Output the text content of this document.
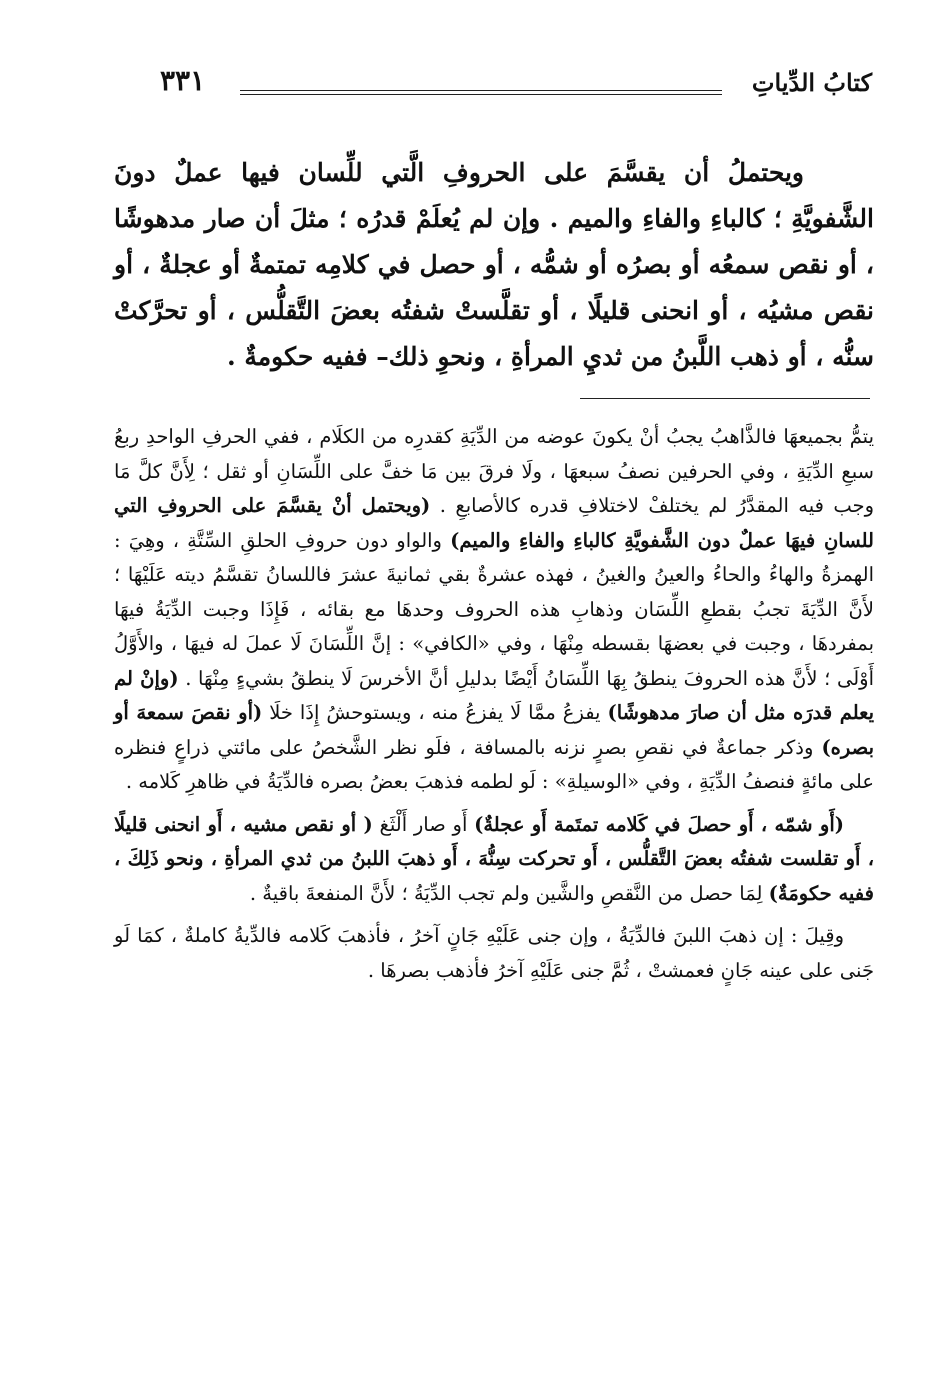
كتابُ الدِّياتِ
٣٣١

ويحتملُ أن يقسَّمَ على الحروفِ الَّتي للِّسان فيها عملٌ دونَ الشَّفويَّةِ ؛ كالباءِ والفاءِ والميم . وإن لم يُعلَمْ قدرُه ؛ مثلَ أن صار مدهوشًا ، أو نقص سمعُه أو بصرُه أو شمُّه ، أو حصل في كلامِه تمتمةٌ أو عجلةٌ ، أو نقص مشيُه ، أو انحنى قليلًا ، أو تقلَّستْ شفتُه بعضَ التَّقلُّس ، أو تحرَّكتْ سنُّه ، أو ذهب اللَّبنُ من ثديِ المرأةِ ، ونحوِ ذلك– ففيه حكومةٌ .

يتمُّ بجميعهَا فالذَّاهبُ يجبُ أنْ يكونَ عوضه من الدِّيَةِ كقدرِه من الكلَام ، ففي الحرفِ الواحدِ ربعُ سبعِ الدِّيَةِ ، وفي الحرفين نصفُ سبعهَا ، ولَا فرقَ بين مَا خفَّ على اللِّسَانِ أو ثقل ؛ لِأَنَّ كلَّ مَا وجب فيه المقدَّرُ لم يختلفْ لاختلافِ قدره كالأصابعِ . (ويحتمل أنْ يقسَّمَ على الحروفِ التي للسانِ فيهَا عملٌ دون الشَّفويَّةِ كالباءِ والفاءِ والميم) والواو دون حروفِ الحلقِ السِّتَّةِ ، وهِيَ : الهمزةُ والهاءُ والحاءُ والعينُ والغينُ ، فهذه عشرةٌ بقي ثمانيةَ عشرَ فاللسانُ تقسَّمُ ديته عَلَيْهَا ؛ لأَنَّ الدِّيَةَ تجبُ بقطعِ اللِّسَان وذهابِ هذه الحروف وحدهَا مع بقائه ، فَإِذَا وجبت الدِّيَةُ فيهَا بمفردهَا ، وجبت في بعضهَا بقسطه مِنْهَا ، وفي «الكافي» : إنَّ اللِّسَانَ لَا عملَ له فيهَا ، والأَوَّلُ أَوْلَى ؛ لأَنَّ هذه الحروفَ ينطقُ بِهَا اللِّسَانُ أَيْضًا بدليلِ أنَّ الأخرسَ لَا ينطقُ بشيءٍ مِنْهَا . (وإنْ لم يعلم قدرَه مثل أن صارَ مدهوشًا) يفزعُ ممَّا لَا يفزعُ منه ، ويستوحشُ إِذَا خلَا (أو نقصَ سمعهَ أو بصره) وذكر جماعةٌ في نقصِ بصرٍ نزنه بالمسافة ، فلَو نظر الشَّخصُ على مائتي ذراعٍ فنظره على مائةٍ فنصفُ الدِّيَةِ ، وفي «الوسيلةِ» : لَو لطمه فذهبَ بعضُ بصره فالدِّيَةُ في ظاهرِ كَلامه .

(أَو شمّه ، أَو حصلَ في كَلامه تمتَمة أَو عجلةٌ) أَو صار أَلْثَغ ( أو نقص مشيه ، أَو انحنى قليلًا ، أَو تقلست شفتُه بعضَ التَّقلُّس ، أَو تحركت سِنُّهَ ، أَو ذهبَ اللبنُ من ثدي المرأةِ ، ونحو ذَلِكَ ، ففيه حكومَةٌ) لِمَا حصل من النَّقصِ والشَّين ولم تجب الدِّيَةُ ؛ لأَنَّ المنفعةَ باقيةٌ .

وقِيلَ : إن ذهبَ اللبنَ فالدِّيَةُ ، وإن جنى عَلَيْهِ جَانٍ آخرُ ، فأذهبَ كَلامه فالدِّيةُ كاملةٌ ، كمَا لَو جَنى على عينه جَانٍ فعمشتْ ، ثُمَّ جنى عَلَيْهِ آخرُ فأذهب بصرهَا .
